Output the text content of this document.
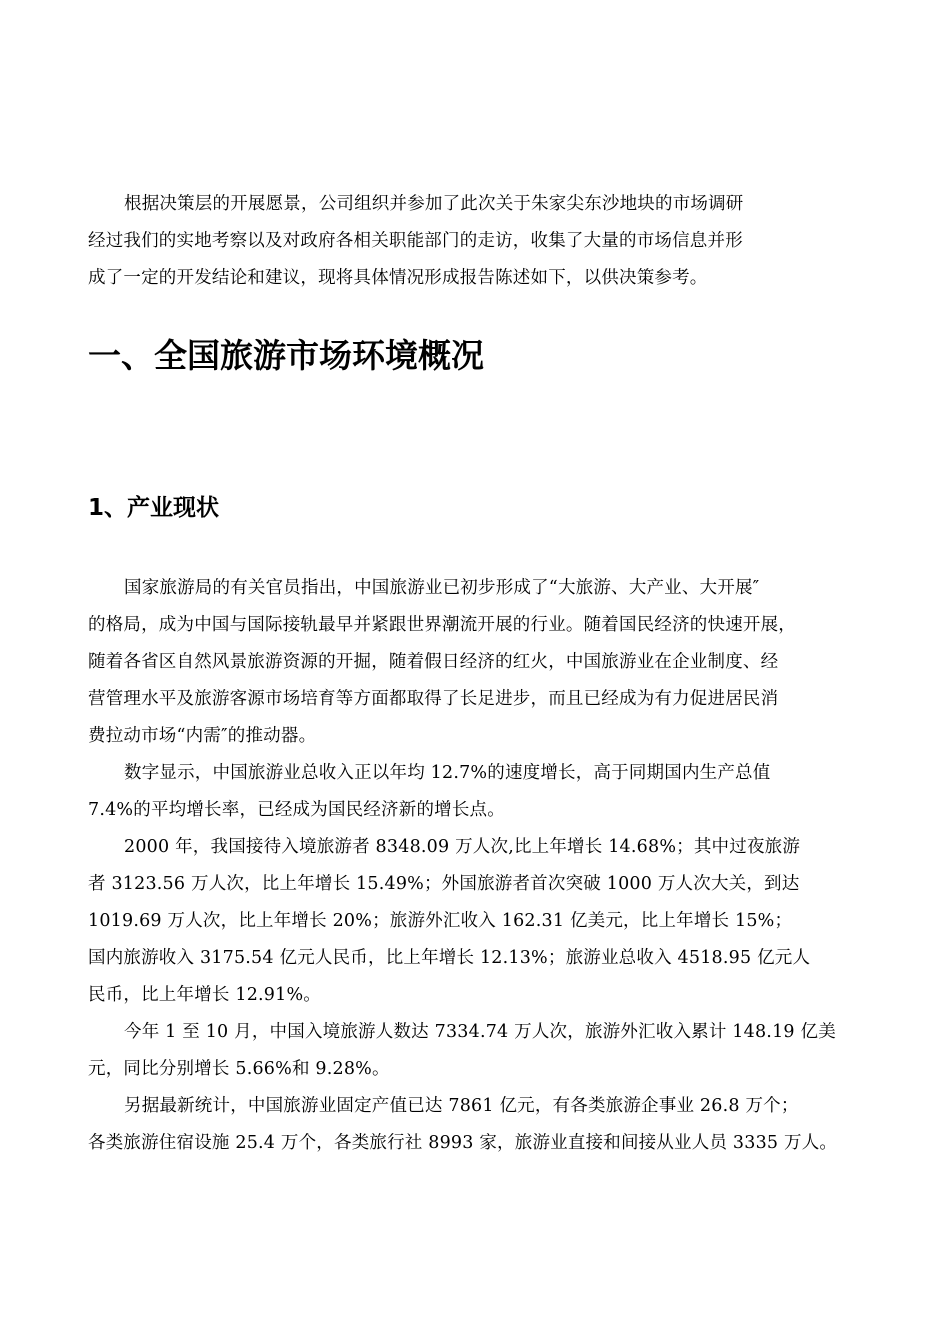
根据决策层的开展愿景，公司组织并参加了此次关于朱家尖东沙地块的市场调研
经过我们的实地考察以及对政府各相关职能部门的走访，收集了大量的市场信息并形
成了一定的开发结论和建议，现将具体情况形成报告陈述如下，以供决策参考。
一、全国旅游市场环境概况
1、产业现状
国家旅游局的有关官员指出，中国旅游业已初步形成了“大旅游、大产业、大开展″
的格局，成为中国与国际接轨最早并紧跟世界潮流开展的行业。随着国民经济的快速开展，
随着各省区自然风景旅游资源的开掘，随着假日经济的红火，中国旅游业在企业制度、经
营管理水平及旅游客源市场培育等方面都取得了长足进步，而且已经成为有力促进居民消
费拉动市场“内需″的推动器。
数字显示，中国旅游业总收入正以年均 12.7%的速度增长，高于同期国内生产总值
7.4%的平均增长率，已经成为国民经济新的增长点。
2000 年，我国接待入境旅游者 8348.09 万人次,比上年增长 14.68%；其中过夜旅游
者 3123.56 万人次，比上年增长 15.49%；外国旅游者首次突破 1000 万人次大关，到达
1019.69 万人次，比上年增长 20%；旅游外汇收入 162.31 亿美元，比上年增长 15%；
国内旅游收入 3175.54 亿元人民币，比上年增长 12.13%；旅游业总收入 4518.95 亿元人
民币，比上年增长 12.91%。
今年 1 至 10 月，中国入境旅游人数达 7334.74 万人次，旅游外汇收入累计 148.19 亿美
元，同比分别增长 5.66%和 9.28%。
另据最新统计，中国旅游业固定产值已达 7861 亿元，有各类旅游企事业 26.8 万个；
各类旅游住宿设施 25.4 万个，各类旅行社 8993 家，旅游业直接和间接从业人员 3335 万人。
